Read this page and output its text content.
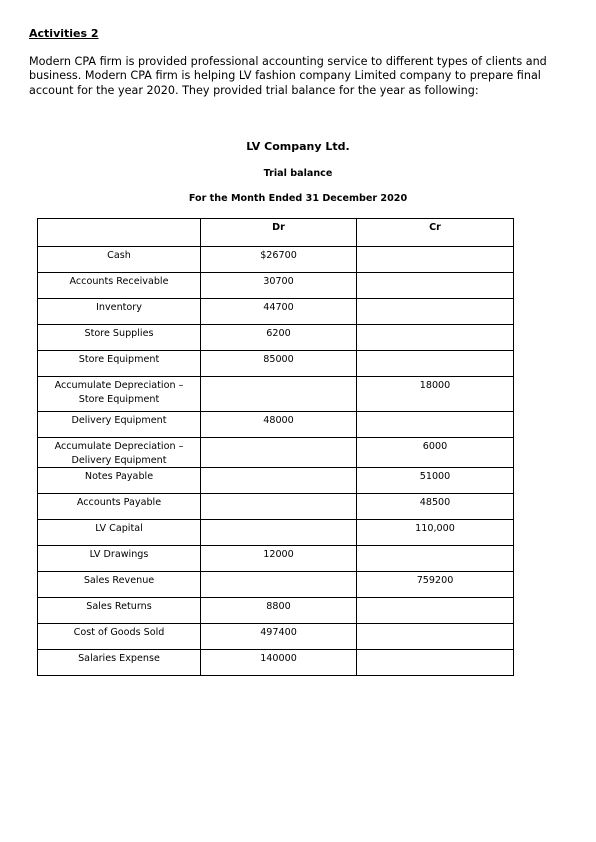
Activities 2

Modern CPA firm is provided professional accounting service to different types of clients and business. Modern CPA firm is helping LV fashion company Limited company to prepare final account for the year 2020. They provided trial balance for the year as following:

LV Company Ltd.
Trial balance
For the Month Ended 31 December 2020
	Dr	Cr
Cash	$26700	
Accounts Receivable	30700	
Inventory	44700	
Store Supplies	6200	
Store Equipment	85000	
Accumulate Depreciation – Store Equipment		18000
Delivery Equipment	48000	
Accumulate Depreciation – Delivery Equipment		6000
Notes Payable		51000
Accounts Payable		48500
LV Capital		110,000
LV Drawings	12000	
Sales Revenue		759200
Sales Returns	8800	
Cost of Goods Sold	497400	
Salaries Expense	140000	
